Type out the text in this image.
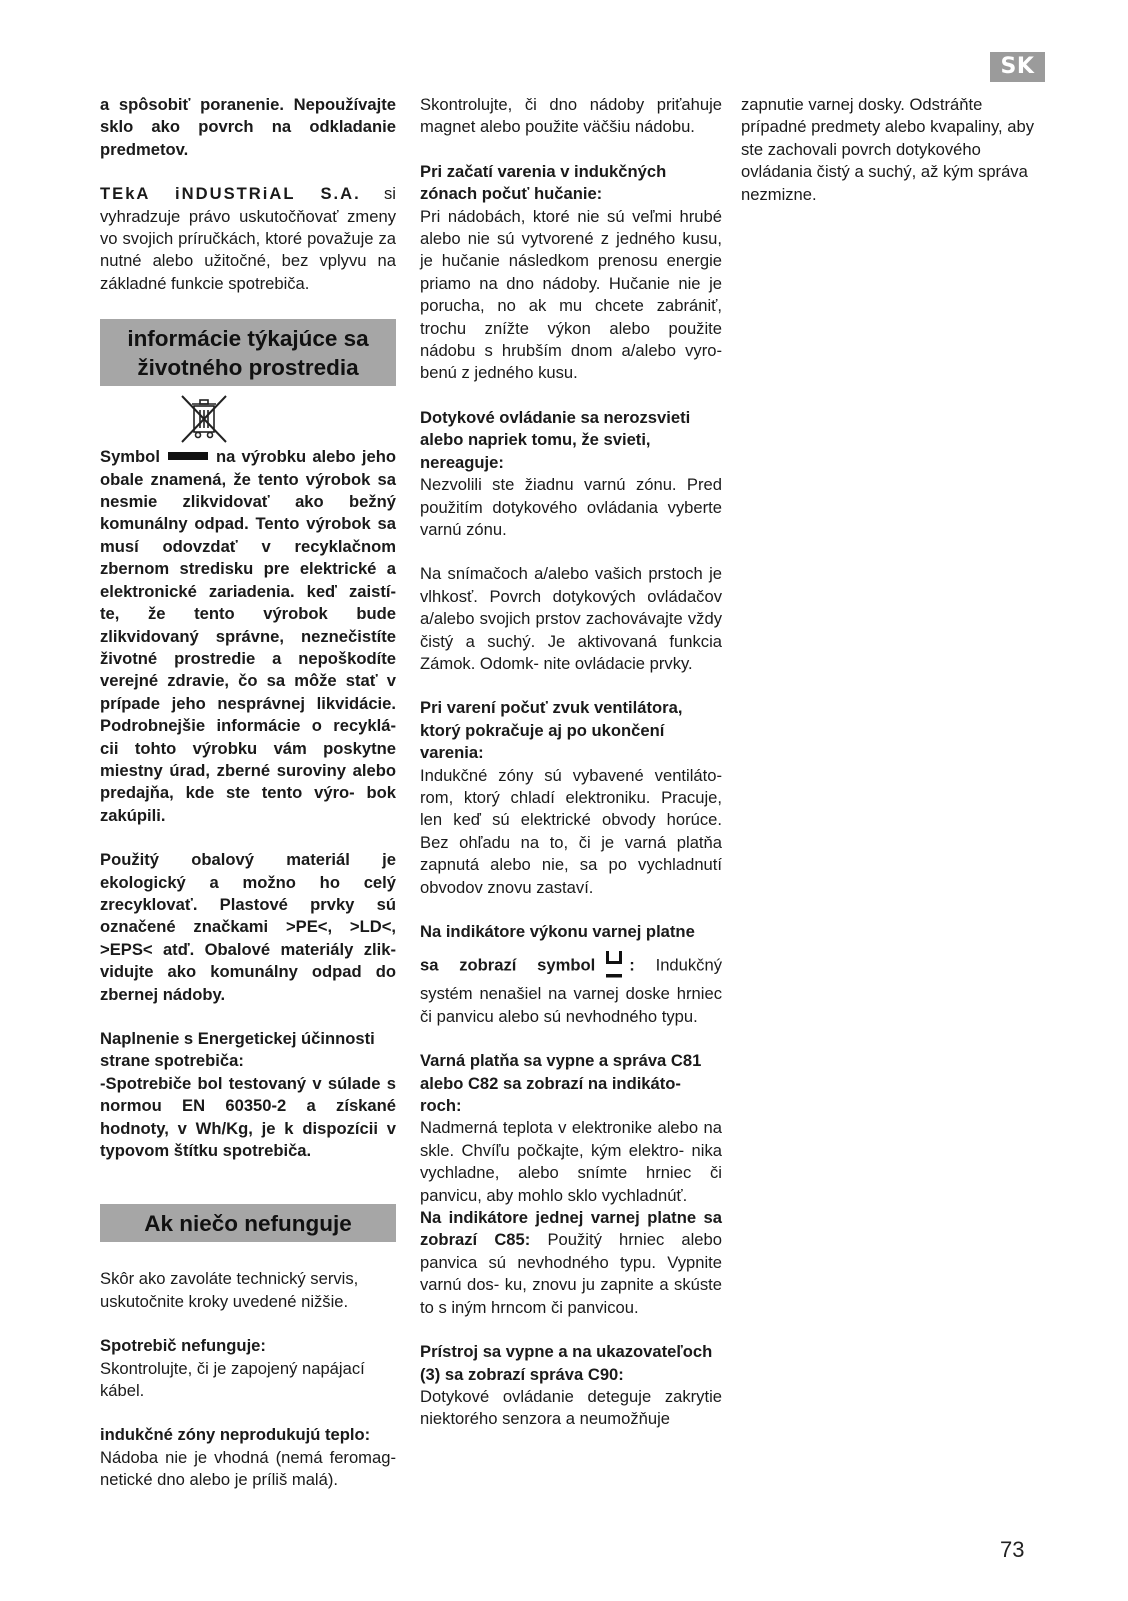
SK

a spôsobiť poranenie. Nepoužívajte sklo ako povrch na odkladanie predmetov.

TEkA iNDUSTRiAL S.A. si vyhradzuje právo uskutočňovať zmeny vo svojich príručkách, ktoré považuje za nutné alebo užitočné, bez vplyvu na základné funkcie spotrebiča.

informácie týkajúce sa životného prostredia

Symbol	na výrobku alebo jeho obale znamená, že tento výrobok sa nesmie zlikvidovať ako bežný komunálny odpad. Tento výrobok sa musí odovzdať v recyklačnom zbernom stredisku pre elektrické a elektronické zariadenia. keď zaistí- te, že tento výrobok bude zlikvidovaný správne, neznečistíte životné prostredie a nepoškodíte verejné zdravie, čo sa môže stať v prípade jeho nesprávnej likvidácie. Podrobnejšie informácie o recyklá- cii tohto výrobku vám poskytne miestny úrad, zberné suroviny alebo predajňa, kde ste tento výro- bok zakúpili.

Použitý obalový materiál je ekologický a možno ho celý zrecyklovať. Plastové prvky sú označené značkami >PE<, >LD<, >EPS< atď. Obalové materiály zlik- vidujte ako komunálny odpad do zbernej nádoby.

Naplnenie s Energetickej účinnosti strane spotrebiča:

-Spotrebiče bol testovaný v súlade s normou EN 60350-2 a získané hodnoty, v Wh/Kg, je k dispozícii v typovom štítku spotrebiča.

Ak niečo nefunguje

Skôr ako zavoláte technický servis, uskutočnite kroky uvedené nižšie.

Spotrebič nefunguje:

Skontrolujte, či je zapojený napájací kábel.

indukčné zóny neprodukujú teplo:

Nádoba nie je vhodná (nemá feromag- netické dno alebo je príliš malá).

Skontrolujte, či dno nádoby priťahuje magnet alebo použite väčšiu nádobu.

Pri začatí varenia v indukčných zónach počuť hučanie:

Pri nádobách, ktoré nie sú veľmi hrubé alebo nie sú vytvorené z jedného kusu, je hučanie následkom prenosu energie priamo na dno nádoby. Hučanie nie je porucha, no ak mu chcete zabrániť, trochu znížte výkon alebo použite nádobu s hrubším dnom a/alebo vyro- benú z jedného kusu.

Dotykové ovládanie sa nerozsvieti alebo napriek tomu, že svieti, nereaguje:

Nezvolili ste žiadnu varnú zónu. Pred použitím dotykového ovládania vyberte varnú zónu.

Na snímačoch a/alebo vašich prstoch je vlhkosť. Povrch dotykových ovládačov a/alebo svojich prstov zachovávajte vždy čistý a suchý. Je aktivovaná funkcia Zámok. Odomk- nite ovládacie prvky.

Pri varení počuť zvuk ventilátora, ktorý pokračuje aj po ukončení varenia:

Indukčné zóny sú vybavené ventiláto- rom, ktorý chladí elektroniku. Pracuje, len keď sú elektrické obvody horúce. Bez ohľadu na to, či je varná platňa zapnutá alebo nie, sa po vychladnutí obvodov znovu zastaví.

Na indikátore výkonu varnej platne

sa zobrazí symbol : Indukčný systém nenašiel na varnej doske hrniec či panvicu alebo sú nevhodného typu.

Varná platňa sa vypne a správa C81 alebo C82 sa zobrazí na indikáto- roch:

Nadmerná teplota v elektronike alebo na skle. Chvíľu počkajte, kým elektro- nika vychladne, alebo snímte hrniec či panvicu, aby mohlo sklo vychladnúť.

Na indikátore jednej varnej platne sa zobrazí C85: Použitý hrniec alebo panvica sú nevhodného typu. Vypnite varnú dos- ku, znovu ju zapnite a skúste to s iným hrncom či panvicou.

Prístroj sa vypne a na ukazovateľoch (3) sa zobrazí správa C90:

Dotykové ovládanie deteguje zakrytie niektorého senzora a neumožňuje

zapnutie varnej dosky. Odstráňte prípadné predmety alebo kvapaliny, aby ste zachovali povrch dotykového ovládania čistý a suchý, až kým správa nezmizne.

73
